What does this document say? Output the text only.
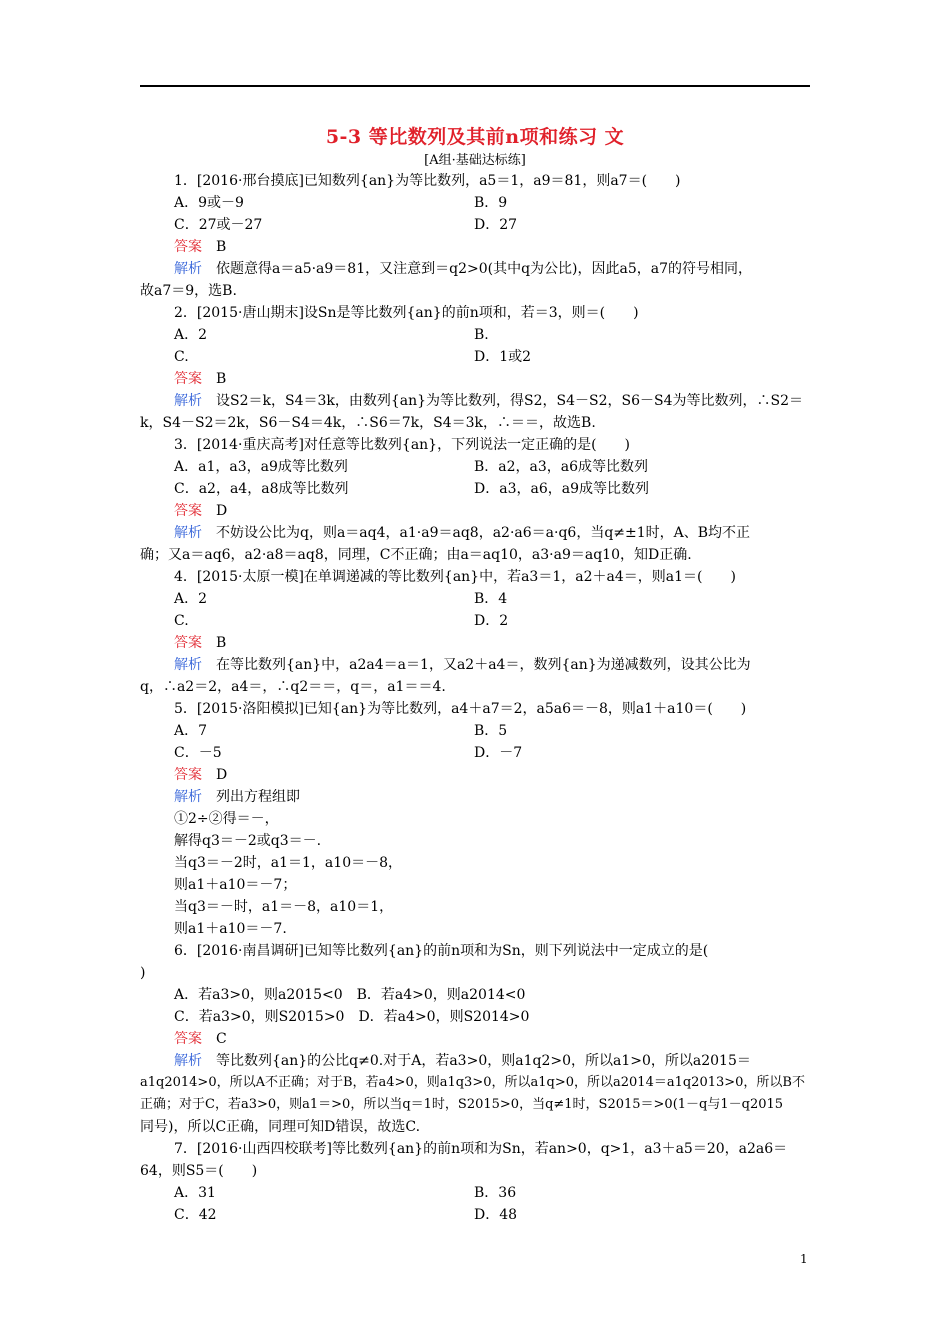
5-3 等比数列及其前n项和练习 文
[A组·基础达标练]
1．[2016·邢台摸底]已知数列{an}为等比数列，a5＝1，a9＝81，则a7＝(　　)
A．9或－9	B．9
C．27或－27	D．27
答案　 B
解析　 依题意得a＝a5·a9＝81，又注意到＝q2>0(其中q为公比)，因此a5，a7的符号相同，
故a7＝9，选B.
2．[2015·唐山期末]设Sn是等比数列{an}的前n项和，若＝3，则＝(　　)
A．2	B.
C.	D．1或2
答案　 B
解析　 设S2＝k，S4＝3k，由数列{an}为等比数列，得S2，S4－S2，S6－S4为等比数列，∴S2＝
k，S4－S2＝2k，S6－S4＝4k，∴S6＝7k，S4＝3k，∴＝＝，故选B.
3．[2014·重庆高考]对任意等比数列{an}，下列说法一定正确的是(　　)
A．a1，a3，a9成等比数列	B．a2，a3，a6成等比数列
C．a2，a4，a8成等比数列	D．a3，a6，a9成等比数列
答案　 D
解析　 不妨设公比为q，则a＝aq4，a1·a9＝aq8，a2·a6＝a·q6，当q≠±1时，A、B均不正
确；又a＝aq6，a2·a8＝aq8，同理，C不正确；由a＝aq10，a3·a9＝aq10，知D正确.
4．[2015·太原一模]在单调递减的等比数列{an}中，若a3＝1，a2＋a4＝，则a1＝(　　)
A．2	B．4
C.	D．2
答案　 B
解析　 在等比数列{an}中，a2a4＝a＝1，又a2＋a4＝，数列{an}为递减数列，设其公比为
q，∴a2＝2，a4＝，∴q2＝＝，q＝，a1＝＝4.
5．[2015·洛阳模拟]已知{an}为等比数列，a4＋a7＝2，a5a6＝－8，则a1＋a10＝(　　)
A．7	B．5
C．－5	D．－7
答案　 D
解析　 列出方程组即
①2÷②得＝－，
解得q3＝－2或q3＝－.
当q3＝－2时，a1＝1，a10＝－8，
则a1＋a10＝－7；
当q3＝－时，a1＝－8，a10＝1，
则a1＋a10＝－7.
6．[2016·南昌调研]已知等比数列{an}的前n项和为Sn，则下列说法中一定成立的是(
)
A．若a3>0，则a2015<0　B．若a4>0，则a2014<0
C．若a3>0，则S2015>0　D．若a4>0，则S2014>0
答案　 C
解析　 等比数列{an}的公比q≠0.对于A，若a3>0，则a1q2>0，所以a1>0，所以a2015＝
a1q2014>0，所以A不正确；对于B，若a4>0，则a1q3>0，所以a1q>0，所以a2014＝a1q2013>0，所以B不
正确；对于C，若a3>0，则a1＝>0，所以当q＝1时，S2015>0，当q≠1时，S2015＝>0(1－q与1－q2015
同号)，所以C正确，同理可知D错误，故选C.
7．[2016·山西四校联考]等比数列{an}的前n项和为Sn，若an>0，q>1，a3＋a5＝20，a2a6＝
64，则S5＝(　　)
A．31	B．36
C．42	D．48
1
